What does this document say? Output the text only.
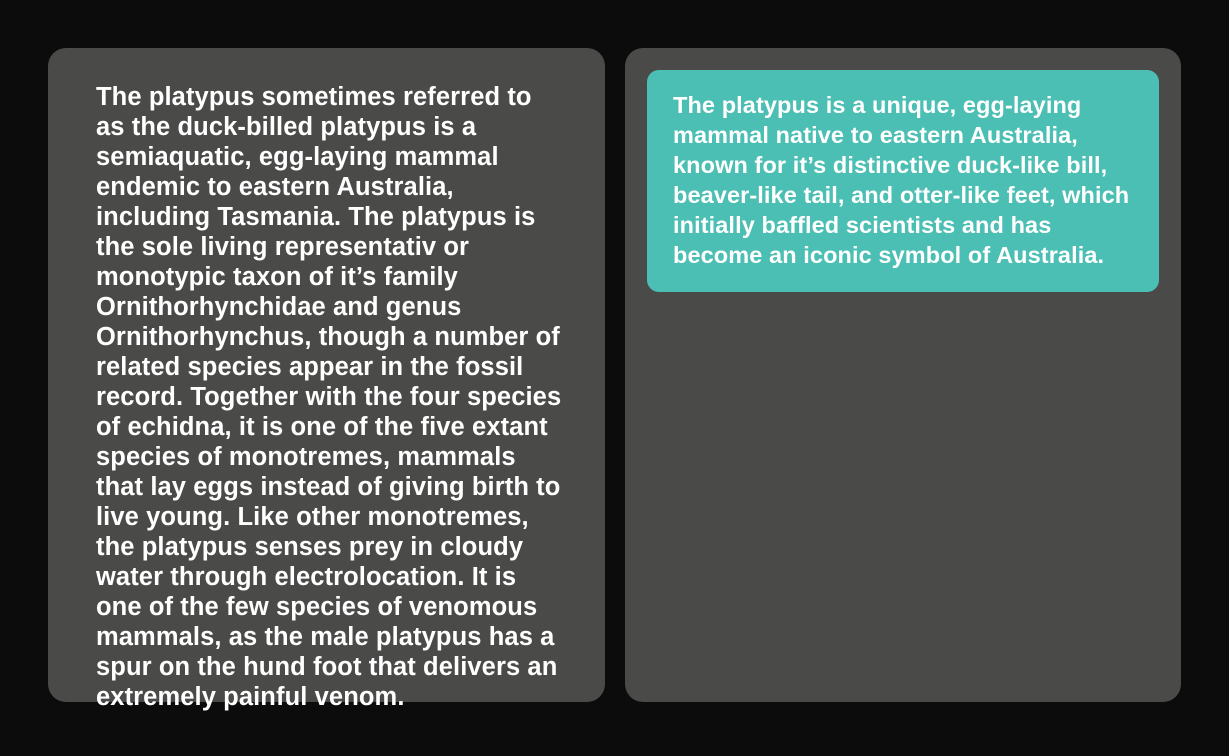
The platypus sometimes referred to as the duck-billed platypus is a semiaquatic, egg-laying mammal endemic to eastern Australia, including Tasmania. The platypus is the sole living representativ or monotypic taxon of it’s family Ornithorhynchidae and genus Ornithorhynchus, though a number of related species appear in the fossil record. Together with the four species of echidna, it is one of the five extant species of monotremes, mammals that lay eggs instead of giving birth to live young. Like other monotremes, the platypus senses prey in cloudy water through electrolocation. It is one of the few species of venomous mammals, as the male platypus has a spur on the hund foot that delivers an extremely painful venom.

The platypus is a unique, egg-laying mammal native to eastern Australia, known for it’s distinctive duck-like bill, beaver-like tail, and otter-like feet, which initially baffled scientists and has become an iconic symbol of Australia.
